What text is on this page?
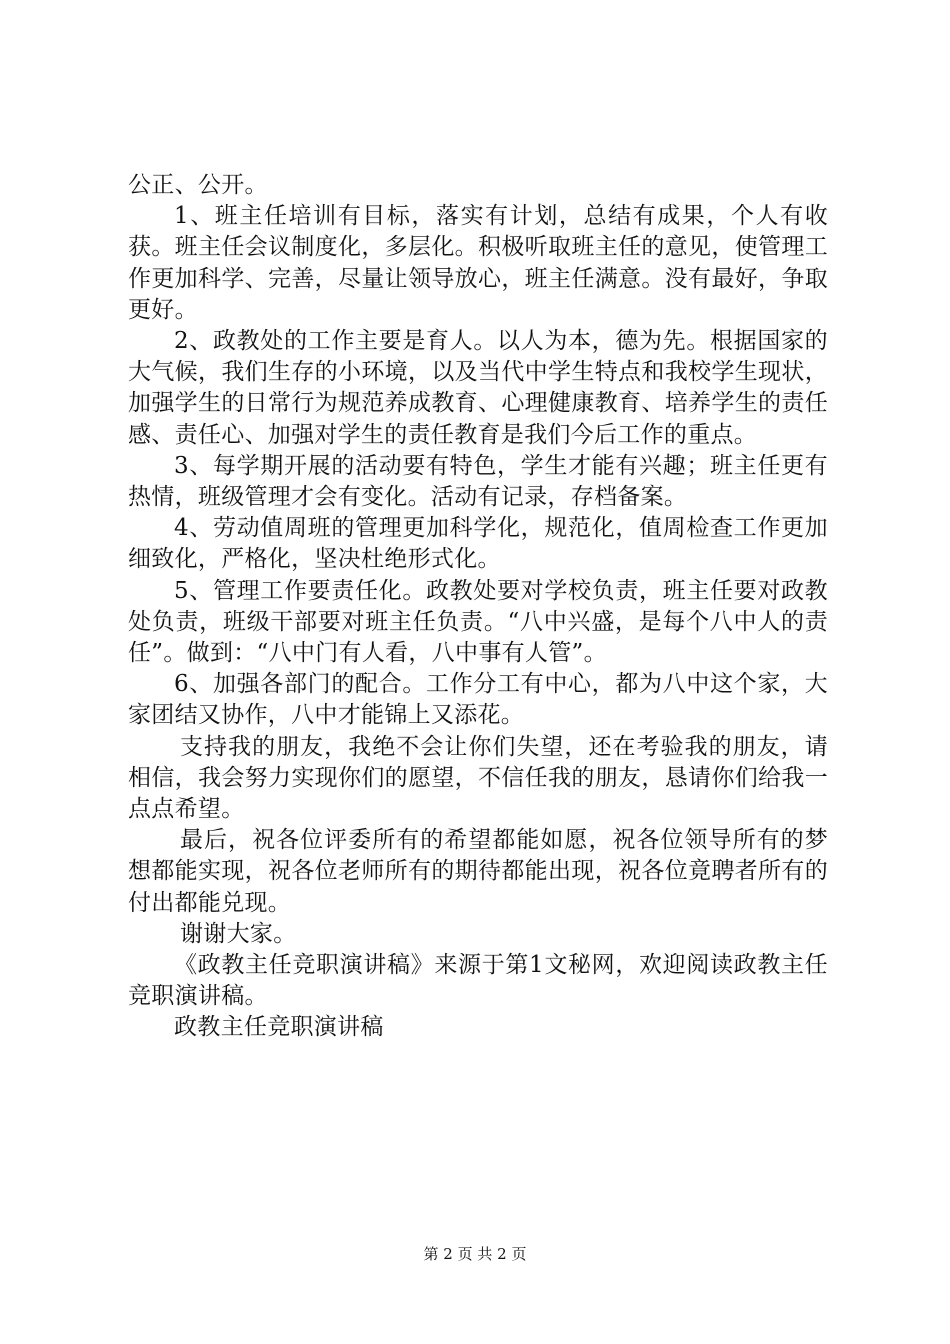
公正、公开。

1、班主任培训有目标，落实有计划，总结有成果，个人有收获。班主任会议制度化，多层化。积极听取班主任的意见，使管理工作更加科学、完善，尽量让领导放心，班主任满意。没有最好，争取更好。

2、政教处的工作主要是育人。以人为本，德为先。根据国家的大气候，我们生存的小环境，以及当代中学生特点和我校学生现状，加强学生的日常行为规范养成教育、心理健康教育、培养学生的责任感、责任心、加强对学生的责任教育是我们今后工作的重点。

3、每学期开展的活动要有特色，学生才能有兴趣；班主任更有热情，班级管理才会有变化。活动有记录，存档备案。

4、劳动值周班的管理更加科学化，规范化，值周检查工作更加细致化，严格化，坚决杜绝形式化。

5、管理工作要责任化。政教处要对学校负责，班主任要对政教处负责，班级干部要对班主任负责。“八中兴盛，是每个八中人的责任”。做到：“八中门有人看，八中事有人管”。

6、加强各部门的配合。工作分工有中心，都为八中这个家，大家团结又协作，八中才能锦上又添花。

支持我的朋友，我绝不会让你们失望，还在考验我的朋友，请相信，我会努力实现你们的愿望，不信任我的朋友，恳请你们给我一点点希望。

最后，祝各位评委所有的希望都能如愿，祝各位领导所有的梦想都能实现，祝各位老师所有的期待都能出现，祝各位竟聘者所有的付出都能兑现。

谢谢大家。

《政教主任竞职演讲稿》来源于第1文秘网，欢迎阅读政教主任竞职演讲稿。

政教主任竞职演讲稿

第 2 页 共 2 页
